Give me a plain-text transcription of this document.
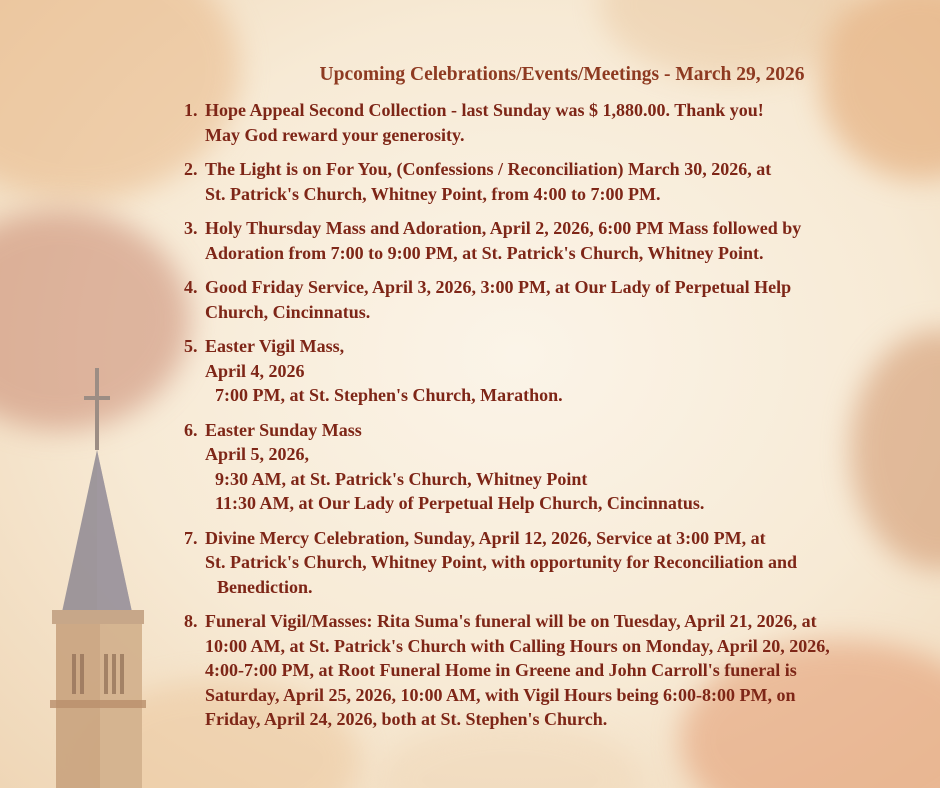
Upcoming Celebrations/Events/Meetings - March 29, 2026
1. Hope Appeal Second Collection - last Sunday was $ 1,880.00. Thank you!
May God reward your generosity.
2. The Light is on For You, (Confessions / Reconciliation) March 30, 2026, at
St. Patrick's Church, Whitney Point, from 4:00 to 7:00 PM.
3. Holy Thursday Mass and Adoration, April 2, 2026, 6:00 PM Mass followed by
Adoration from 7:00 to 9:00 PM, at St. Patrick's Church, Whitney Point.
4. Good Friday Service, April 3, 2026, 3:00 PM, at Our Lady of Perpetual Help
Church, Cincinnatus.
5. Easter Vigil Mass,
April 4, 2026
7:00 PM, at St. Stephen's Church, Marathon.
6. Easter Sunday Mass
April 5, 2026,
9:30 AM, at St. Patrick's Church, Whitney Point
11:30 AM, at Our Lady of Perpetual Help Church, Cincinnatus.
7. Divine Mercy Celebration, Sunday, April 12, 2026, Service at 3:00 PM, at
St. Patrick's Church, Whitney Point, with opportunity for Reconciliation and
Benediction.
8. Funeral Vigil/Masses: Rita Suma's funeral will be on Tuesday, April 21, 2026, at
10:00 AM, at St. Patrick's Church with Calling Hours on Monday, April 20, 2026,
4:00-7:00 PM, at Root Funeral Home in Greene and John Carroll's funeral is
Saturday, April 25, 2026, 10:00 AM, with Vigil Hours being 6:00-8:00 PM, on
Friday, April 24, 2026, both at St. Stephen's Church.
